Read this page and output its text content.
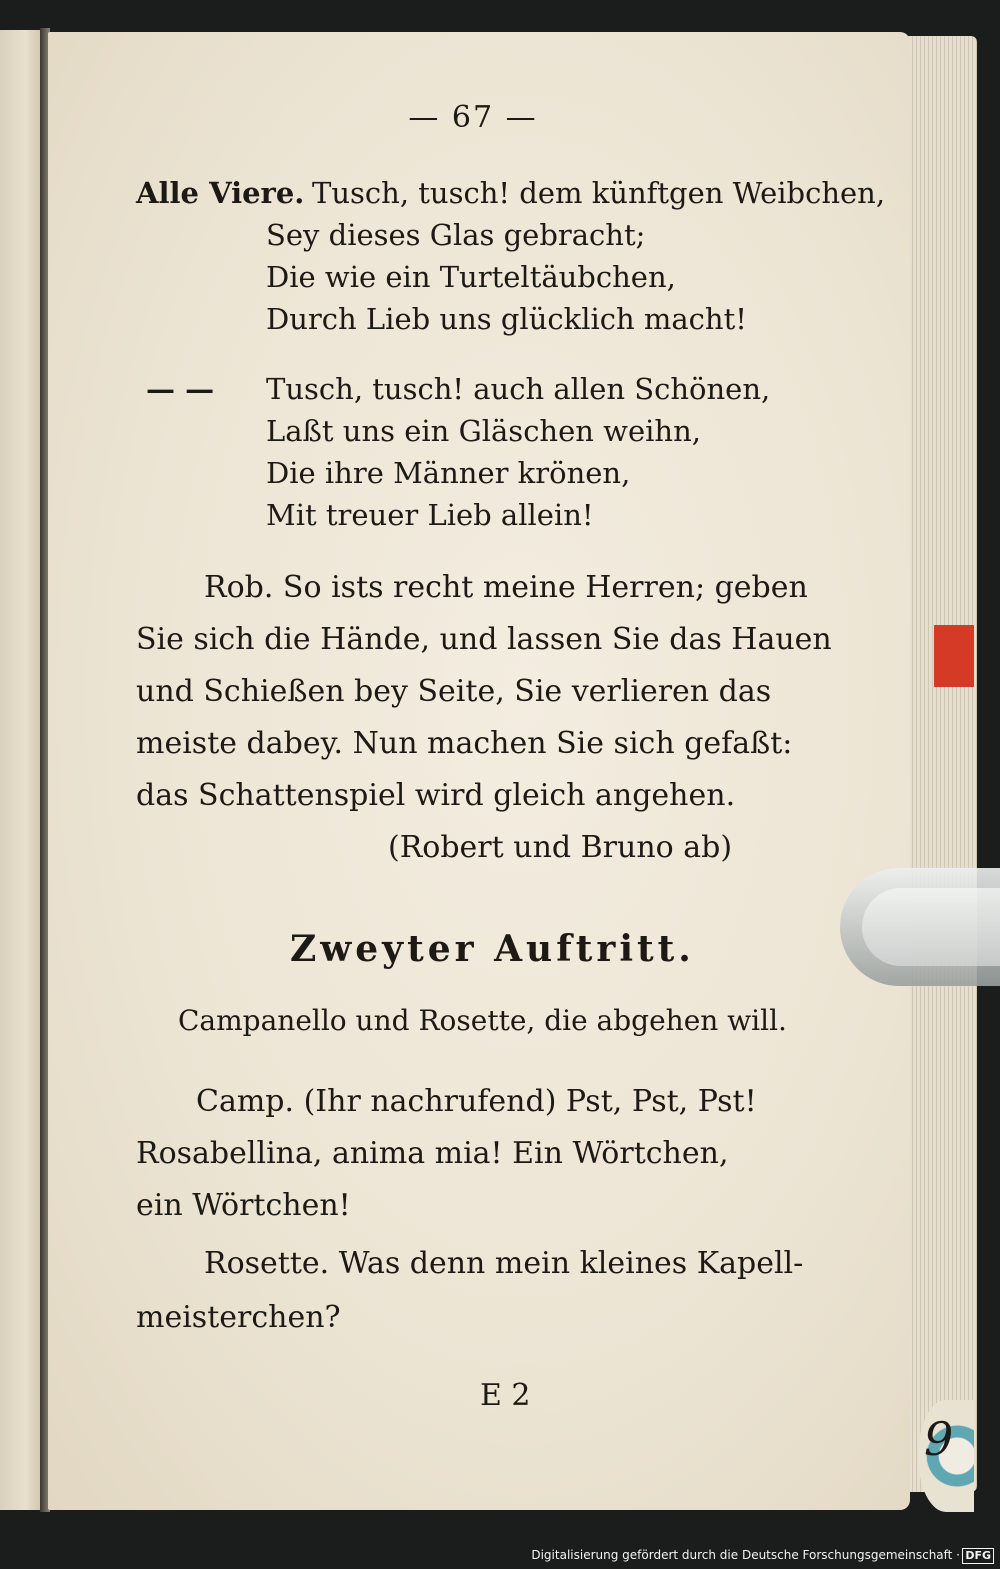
9
— 67 —
Alle Viere. Tusch, tusch! dem künftgen Weibchen,
Sey dieses Glas gebracht;
Die wie ein Turteltäubchen,
Durch Lieb uns glücklich macht!
— — Tusch, tusch! auch allen Schönen,
Laßt uns ein Gläschen weihn,
Die ihre Männer krönen,
Mit treuer Lieb allein!
Rob. So ists recht meine Herren; geben
Sie sich die Hände, und lassen Sie das Hauen
und Schießen bey Seite, Sie verlieren das
meiste dabey. Nun machen Sie sich gefaßt:
das Schattenspiel wird gleich angehen.
(Robert und Bruno ab)
Zweyter Auftritt.
Campanello und Rosette, die abgehen will.
Camp. (Ihr nachrufend) Pst, Pst, Pst!
Rosabellina, anima mia! Ein Wörtchen,
ein Wörtchen!
Rosette. Was denn mein kleines Kapell-
meisterchen?
E 2
Digitalisierung gefördert durch die Deutsche Forschungsgemeinschaft · DFG
